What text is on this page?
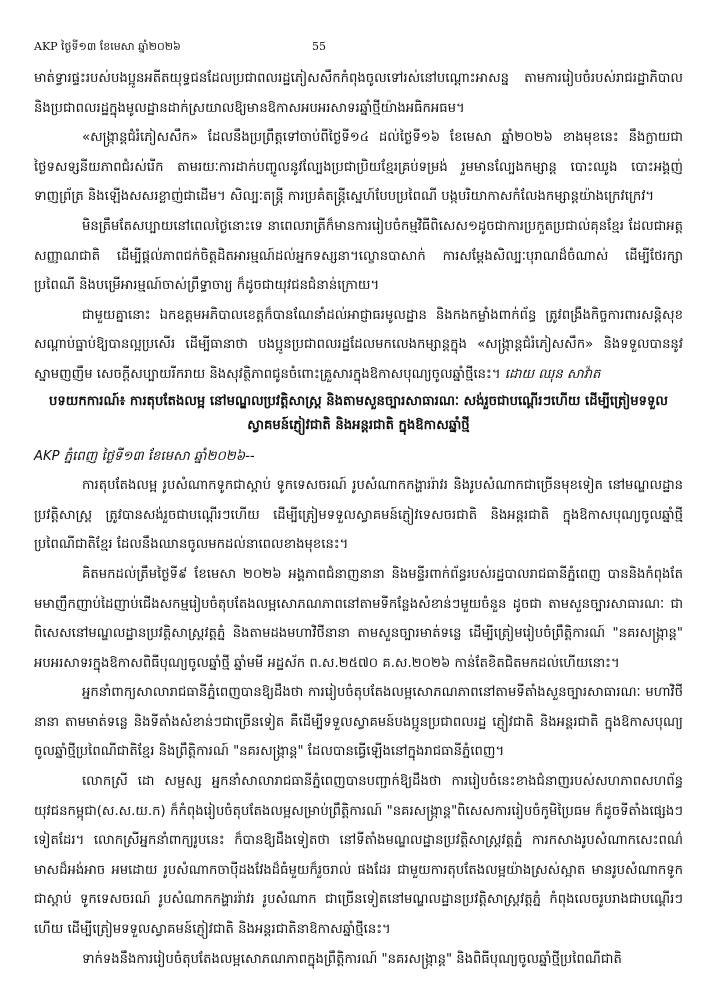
AKP ថ្ងៃទី១៣ ខែមេសា ឆ្នាំ២០២៦	55

មាត់ទ្វារផ្ទះរបស់បងប្អូនអតីតយុទ្ធជនដែលប្រជាពលរដ្ឋភៀសសឹកកំពុងចូលទៅរស់នៅបណ្តោះអាសន្ន តាមការរៀបចំរបស់រាជរដ្ឋាភិបាល និងប្រជាពលរដ្ឋក្នុងមូលដ្ឋានដាក់ស្រយាលឱ្យមានឱកាសអបអរសាទរឆ្នាំថ្មីយ៉ាងអធិកអធម។

«សង្ក្រាន្តជំរំភៀសសឹក» ដែលនឹងប្រព្រឹត្តទៅចាប់ពីថ្ងៃទី១៤ ដល់ថ្ងៃទី១៦ ខែមេសា ឆ្នាំ២០២៦ ខាងមុខនេះ នឹងក្លាយជាថ្ងៃទសទ្សនីយភាពជំរស់រើក តាមរយៈការដាក់បញ្ចូលនូវល្បែងប្រជាប្រិយខ្មែរគ្រប់ទម្រង់ រួមមានល្បែងកម្សាន្ត បោះឈូង បោះអង្គញ់ ទាញព្រ័ត្រ និងឡើងសសរខ្លាញ់ជាដើម។ សិល្បៈតន្ត្រី ការប្រគំតន្ត្រីស្នេហ៍បែបប្រពៃណី បង្កបរិយាកាសកំលែងកម្សាន្តយ៉ាងក្រេវក្រេវ។

មិនត្រឹមតែសប្បាយនៅពេលថ្ងៃនោះទេ នាពេលរាត្រីក៏មានការរៀបចំកម្មវិធីពិសេស១ដូចជាការប្រកួតប្រជាល់គុនខ្មែរ ដែលជាអត្តសញ្ញាណជាតិ ដើម្បីផ្តល់ភាពជក់ចិត្តដិតអារម្មណ៍ដល់អ្នកទស្សនា។ល្ខោនបាសាក់ ការសម្តែងសិល្បៈបុរាណដ៏ចំណាស់ ដើម្បីថែរក្សាប្រពៃណី និងបម្រើអារម្មណ៍ចាស់ព្រឹទ្ធាចារ្យ ក៏ដូចជាយុវជនជំនាន់ក្រោយ។

ជាមួយគ្នានោះ ឯកឧត្តមអភិបាលខេត្តក៏បានណែនាំដល់អាជ្ញាធរមូលដ្ឋាន និងកងកម្លាំងពាក់ព័ន្ធ ត្រូវពង្រឹងកិច្ចការពារសន្តិសុខ សណ្តាប់ធ្នាប់ឱ្យបានល្អប្រសើរ ដើម្បីធានាថា បងប្អូនប្រជាពលរដ្ឋដែលមកលេងកម្សាន្តក្នុង «សង្ក្រាន្តជំរំភៀសសឹក» និងទទួលបាននូវស្នាមញញឹម សេចក្តីសប្បាយរីករាយ និងសុវត្ថិភាពជូនចំពោះគ្រួសារក្នុងឱកាសបុណ្យចូលឆ្នាំថ្មីនេះ។ ដោយ ឈុន សាវ៉ាត

បទយកការណ៍៖ ការតុបតែងលម្អ នៅមណ្ឌលប្រវត្តិសាស្ត្រ និងតាមសួនច្បារសាធារណៈ សង់រួចជាបណ្តើរៗហើយ ដើម្បីត្រៀមទទួលស្វាគមន៍ភ្ញៀវជាតិ និងអន្តរជាតិ ក្នុងឱកាសឆ្នាំថ្មី

AKP ភ្នំពេញ ថ្ងៃទី១៣ ខែមេសា ឆ្នាំ២០២៦--

ការតុបតែងលម្អ រូបសំណាកទូកជាស្ដាប់ ទូកទេសចរណ៍ រូបសំណាកកង្ហាររ៉ាវរ និងរូបសំណាកជាច្រើនមុខទៀត នៅមណ្ឌលដ្ឋានប្រវត្តិសាស្ត្រ ត្រូវបានសង់រួចជាបណ្តើរៗហើយ ដើម្បីត្រៀមទទួលស្វាគមន៍ភ្ញៀវទេសចរជាតិ និងអន្តរជាតិ ក្នុងឱកាសបុណ្យចូលឆ្នាំថ្មី ប្រពៃណីជាតិខ្មែរ ដែលនឹងឈានចូលមកដល់នាពេលខាងមុខនេះ។

គិតមកដល់ត្រឹមថ្ងៃទី៩ ខែមេសា ២០២៦ អង្គភាពជំនាញនានា និងមន្ទីរពាក់ព័ន្ធរបស់រដ្ឋបាលរាជធានីភ្នំពេញ បាននិងកំពុងតែមមាញឹកញាប់ដៃញាប់ជើងសកម្មរៀបចំតុបតែងលម្អសោភណភាពនៅតាមទីកន្លែងសំខាន់ៗមួយចំនួន ដូចជា តាមសួនច្បារសាធារណៈ ជាពិសេសនៅមណ្ឌលដ្ឋានប្រវត្តិសាស្ត្រវត្តភ្នំ និងតាមដងមហាវិថីនានា តាមសួនច្បារមាត់ទន្លេ ដើម្បីត្រៀមរៀបចំព្រឹត្តិការណ៍ "នគរសង្រ្កាន្ត" អបអរសាទរក្នុងឱកាសពិធីបុណ្យចូលឆ្នាំថ្មី ឆ្នាំមមី អដ្ឋស័ក ព.ស.២៥៧០ គ.ស.២០២៦ កាន់តែខិតជិតមកដល់ហើយនោះ។

អ្នកនាំពាក្យសាលារាជធានីភ្នំពេញបានឱ្យដឹងថា ការរៀបចំតុបតែងលម្អសោភណភាពនៅតាមទីតាំងសួនច្បារសាធារណៈ មហាវិថីនានា តាមមាត់ទន្លេ និងទីតាំងសំខាន់ៗជាច្រើនទៀត គឺដើម្បីទទួលស្វាគមន៍បងប្អូនប្រជាពលរដ្ឋ ភ្ញៀវជាតិ និងអន្តរជាតិ ក្នុងឱកាសបុណ្យចូលឆ្នាំថ្មីប្រពៃណីជាតិខ្មែរ និងព្រឹត្តិការណ៍ "នគរសង្រ្កាន្ត" ដែលបានធ្វើឡើងនៅក្នុងរាជធានីភ្នំពេញ។

លោកស្រី ដោ សម្ផស្ស អ្នកនាំសាលារាជធានីភ្នំពេញបានបញ្ជាក់ឱ្យដឹងថា ការរៀបចំនេះខាងជំនាញរបស់សហភាពសហព័ន្ធយុវជនកម្ពុជា(ស.ស.យ.ក) ក៏កំពុងរៀបចំតុបតែងលម្អសម្រាប់ព្រឹត្តិការណ៍ "នគរសង្រ្កាន្ត"ពិសេសការរៀបចំកូមិប្រៃធម ក៏ដូចទីតាំងផ្សេងៗទៀតដែរ។ លោកស្រីអ្នកនាំពាក្យរូបនេះ ក៏បានឱ្យដឹងទៀតថា នៅទីតាំងមណ្ឌលដ្ឋានប្រវត្តិសាស្ត្រវត្តភ្នំ ការកសាងរូបសំណាកសេះពណ៌មាសដ៏អង់អាច អមដោយ រូបសំណាកចាប៉ីដងវែងដ៏ធំមួយក៏រួចរាល់ ផងដែរ ជាមួយការតុបតែងលម្អយ៉ាងស្រស់ស្អាត មានរូបសំណាកទូកជាស្ដាប់ ទូកទេសចរណ៍ រូបសំណាកកង្ហាររ៉ាវរ រូបសំណាក ជាច្រើនទៀតនៅមណ្ឌលដ្ឋានប្រវត្តិសាស្ត្រវត្តភ្នំ កំពុងលេចរូបរាងជាបណ្តើរៗហើយ ដើម្បីត្រៀមទទួលស្វាគមន៍ភ្ញៀវជាតិ និងអន្តរជាតិនាឱកាសឆ្នាំថ្មីនេះ។

ទាក់ទងនឹងការរៀបចំតុបតែងលម្អសោភណភាពក្នុងព្រឹត្តិការណ៍ "នគរសង្រ្កាន្ត" និងពិធីបុណ្យចូលឆ្នាំថ្មីប្រពៃណីជាតិ
